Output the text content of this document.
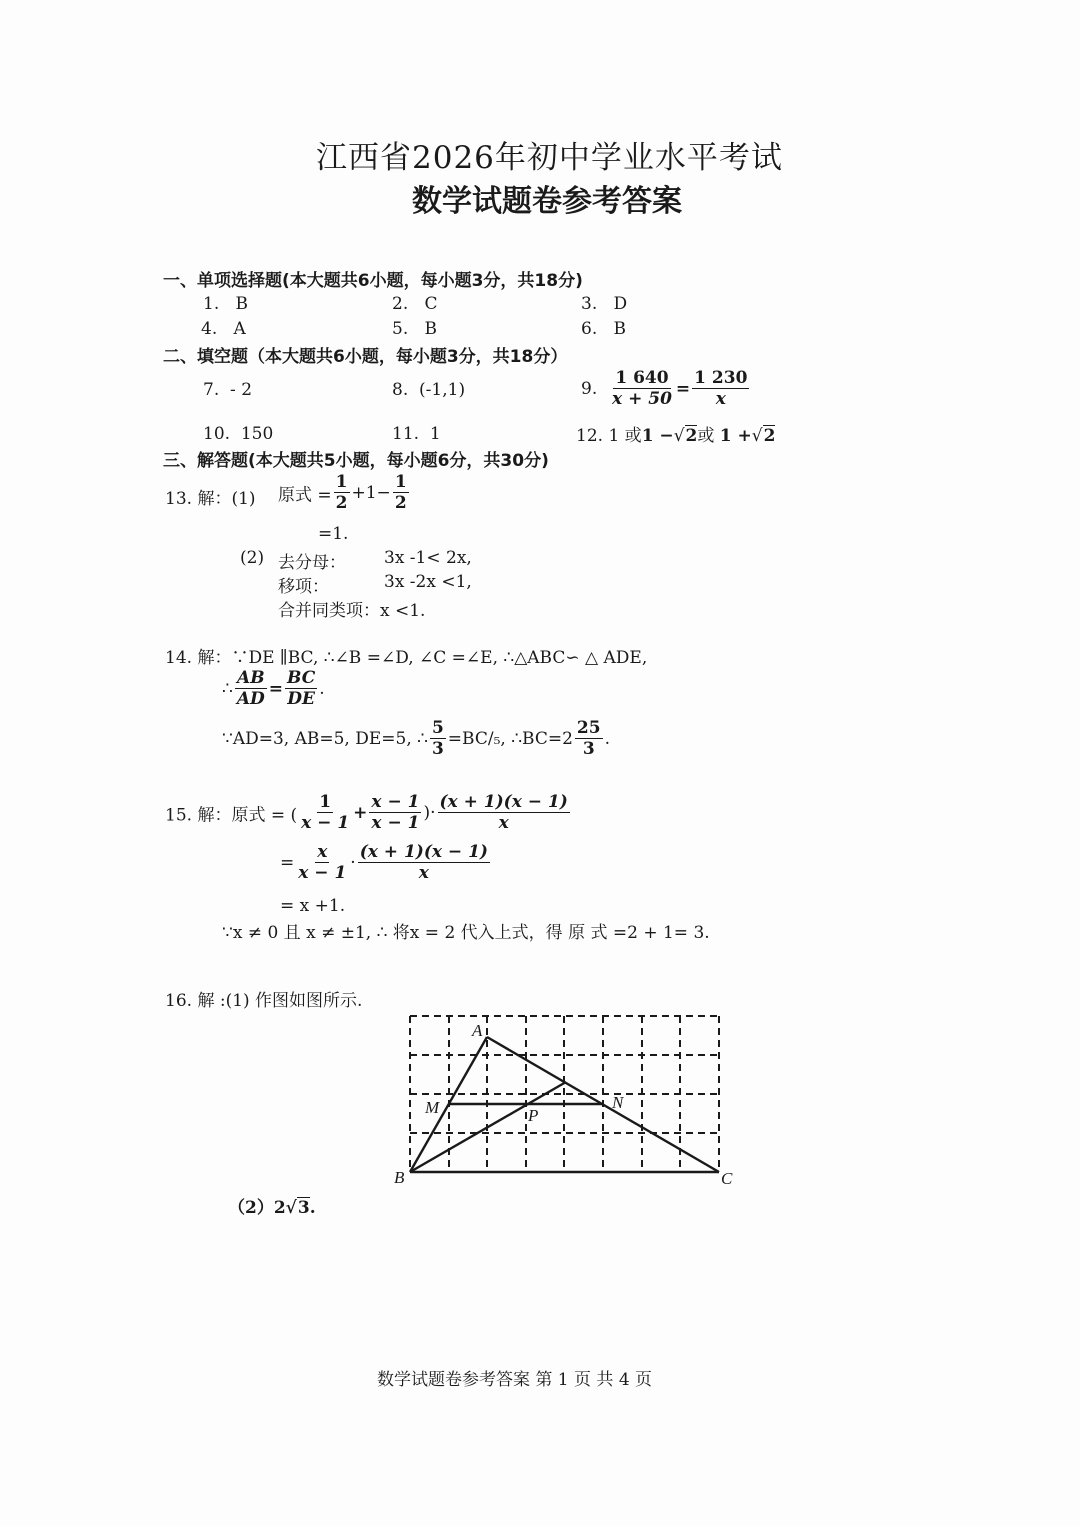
江西省2026年初中学业水平考试
数学试题卷参考答案
一、单项选择题(本大题共6小题，每小题3分，共18分)
1. B	2. C	3. D
4. A	5. B	6. B
二、填空题（本大题共6小题，每小题3分，共18分）
7. - 2	8. (-1,1)	9. $\frac{1 640}{x + 50} = \frac{1 230}{x}$
10. 150	11. 1	12. 1 或1 −√2或 1 +√2
三、解答题(本大题共5小题，每小题6分，共30分)
13. 解：(1) 原式 = $\frac{1}{2} +1- \frac{1}{2}$
=1.
(2) 去分母： 3x -1< 2x,
移项：	3x -2x <1,
合并同类项：x <1.
14. 解：∵DE ∥BC, ∴∠B =∠D, ∠C =∠E, ∴△ABC∽ △ ADE,
∴ $\frac{AB}{AD} = \frac{BC}{DE}$ .
∵AD=3, AB=5, DE=5, ∴ $\frac{5}{3} =BC/_5$, ∴BC=2 $\frac{25}{3}$ .
15. 解：原式 = ( $\frac{1}{x - 1} + \frac{x - 1}{x - 1}$ )· $\frac{(x + 1)(x - 1)}{x}$
= $\frac{x}{x - 1} \cdot \frac{(x + 1)(x - 1)}{x}$
= x +1.
∵x ≠ 0 且 x ≠ ±1, ∴ 将x = 2 代入上式，得 原 式 =2 + 1= 3.
16. 解 :(1) 作图如图所示.
A
B	C
M	N
P
（2）2√3.
数学试题卷参考答案 第 1 页 共 4 页
